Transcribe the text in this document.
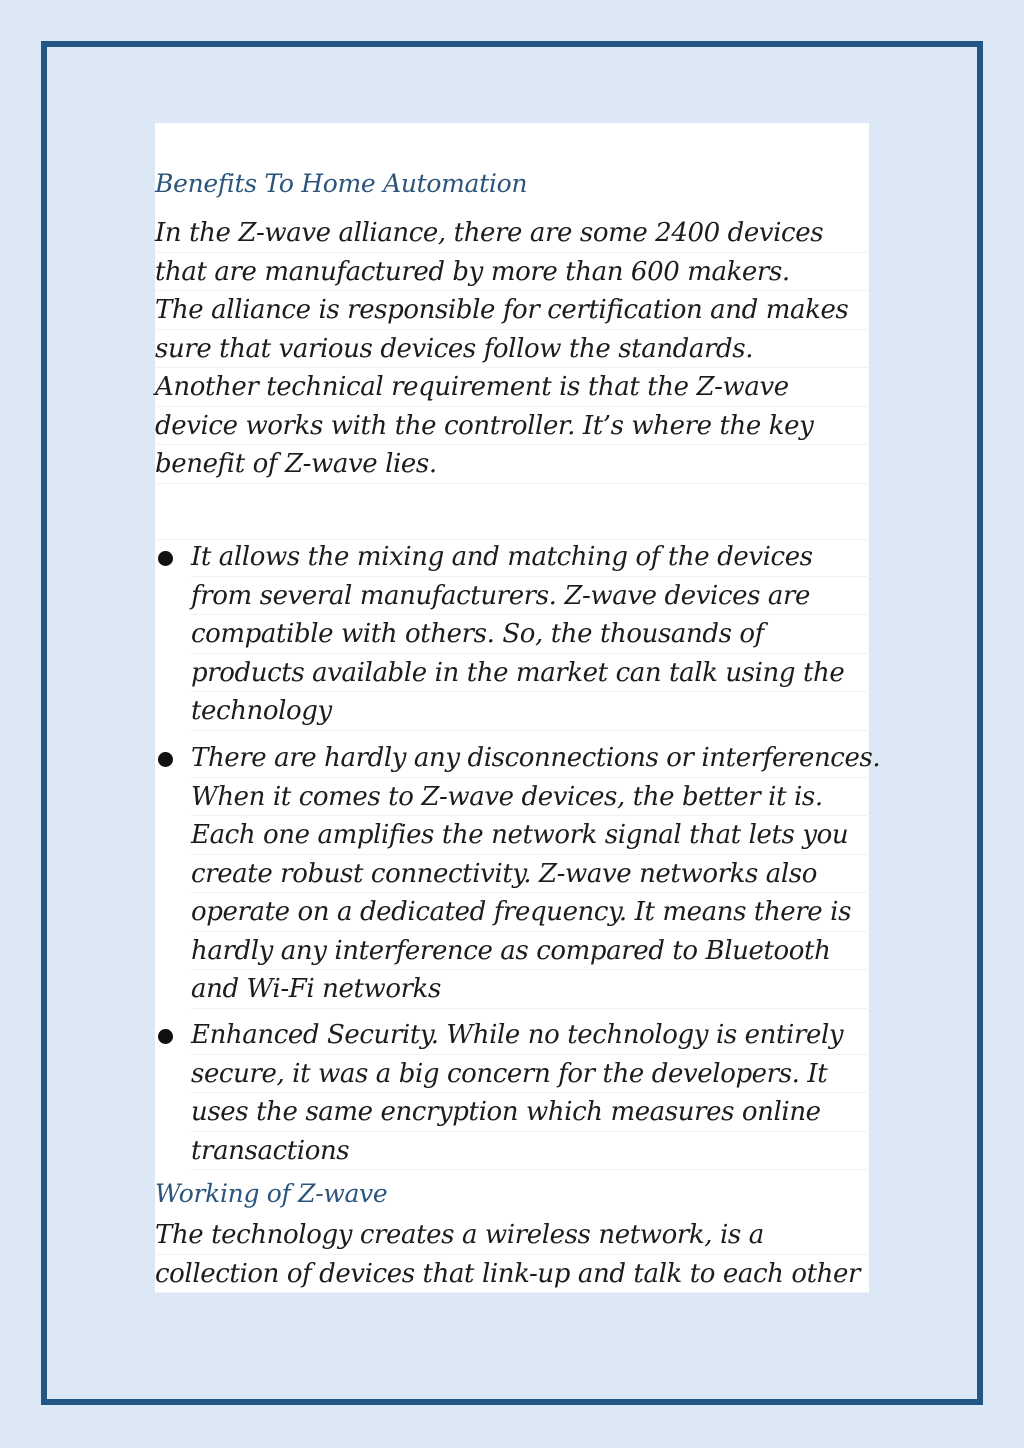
Benefits To Home Automation
In the Z-wave alliance, there are some 2400 devices
that are manufactured by more than 600 makers.
The alliance is responsible for certification and makes
sure that various devices follow the standards.
Another technical requirement is that the Z-wave
device works with the controller. It’s where the key
benefit of Z-wave lies.
It allows the mixing and matching of the devices
from several manufacturers. Z-wave devices are
compatible with others. So, the thousands of
products available in the market can talk using the
technology
There are hardly any disconnections or interferences.
When it comes to Z-wave devices, the better it is.
Each one amplifies the network signal that lets you
create robust connectivity. Z-wave networks also
operate on a dedicated frequency. It means there is
hardly any interference as compared to Bluetooth
and Wi-Fi networks
Enhanced Security. While no technology is entirely
secure, it was a big concern for the developers. It
uses the same encryption which measures online
transactions
Working of Z-wave
The technology creates a wireless network, is a
collection of devices that link-up and talk to each other
